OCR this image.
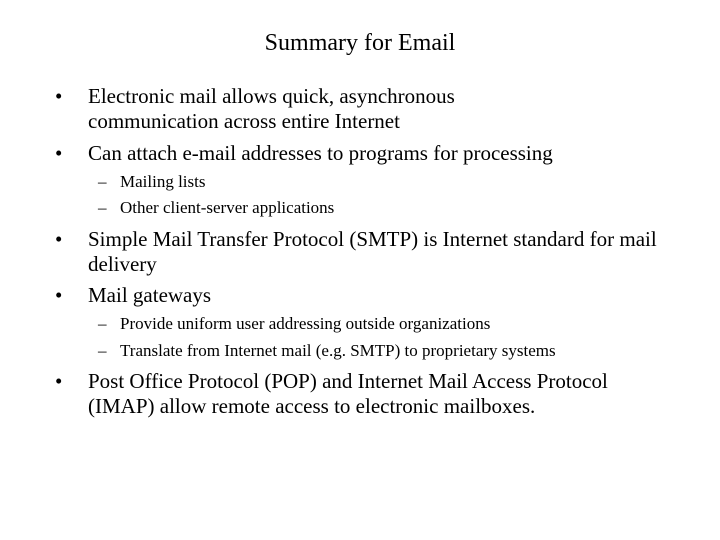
Summary for Email
•	Electronic mail allows quick, asynchronous communication across entire Internet
•	Can attach e-mail addresses to programs for processing
– Mailing lists
– Other client-server applications
•	Simple Mail Transfer Protocol (SMTP) is Internet standard for mail delivery
•	Mail gateways
– Provide uniform user addressing outside organizations
– Translate from Internet mail (e.g. SMTP) to proprietary systems
•	Post Office Protocol (POP) and Internet Mail Access Protocol (IMAP) allow remote access to electronic mailboxes.
